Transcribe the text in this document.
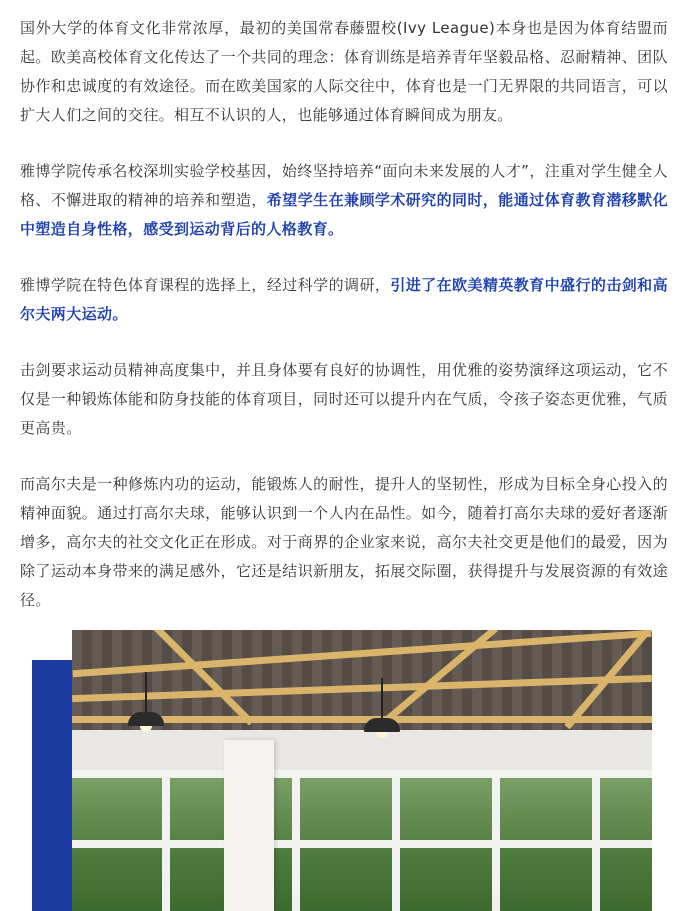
国外大学的体育文化非常浓厚，最初的美国常春藤盟校(Ivy League)本身也是因为体育结盟而起。欧美高校体育文化传达了一个共同的理念：体育训练是培养青年坚毅品格、忍耐精神、团队协作和忠诚度的有效途径。而在欧美国家的人际交往中，体育也是一门无界限的共同语言，可以扩大人们之间的交往。相互不认识的人，也能够通过体育瞬间成为朋友。

雅博学院传承名校深圳实验学校基因，始终坚持培养“面向未来发展的人才”，注重对学生健全人格、不懈进取的精神的培养和塑造，希望学生在兼顾学术研究的同时，能通过体育教育潜移默化中塑造自身性格，感受到运动背后的人格教育。

雅博学院在特色体育课程的选择上，经过科学的调研，引进了在欧美精英教育中盛行的击剑和高尔夫两大运动。

击剑要求运动员精神高度集中，并且身体要有良好的协调性，用优雅的姿势演绎这项运动，它不仅是一种锻炼体能和防身技能的体育项目，同时还可以提升内在气质，令孩子姿态更优雅，气质更高贵。

而高尔夫是一种修炼内功的运动，能锻炼人的耐性，提升人的坚韧性，形成为目标全身心投入的精神面貌。通过打高尔夫球，能够认识到一个人内在品性。如今，随着打高尔夫球的爱好者逐渐增多，高尔夫的社交文化正在形成。对于商界的企业家来说，高尔夫社交更是他们的最爱，因为除了运动本身带来的满足感外，它还是结识新朋友，拓展交际圈，获得提升与发展资源的有效途径。
